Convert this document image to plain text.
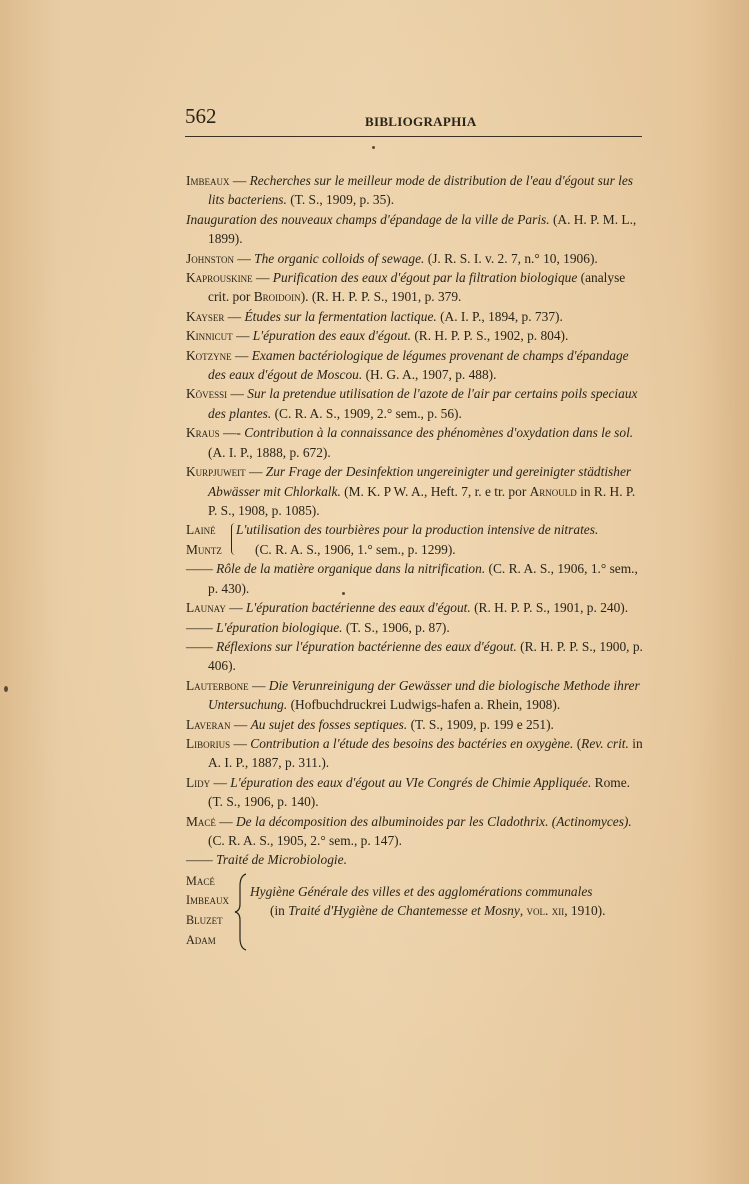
562	BIBLIOGRAPHIA

Imbeaux — Recherches sur le meilleur mode de distribution de l'eau d'égout sur les lits bacteriens. (T. S., 1909, p. 35).

Inauguration des nouveaux champs d'épandage de la ville de Paris. (A. H. P. M. L., 1899).

Johnston — The organic colloids of sewage. (J. R. S. I. v. 2. 7, n.° 10, 1906).

Kaprouskine — Purification des eaux d'égout par la filtration biologique (analyse crit. por Broidoin). (R. H. P. P. S., 1901, p. 379.

Kayser — Études sur la fermentation lactique. (A. I. P., 1894, p. 737).

Kinnicut — L'épuration des eaux d'égout. (R. H. P. P. S., 1902, p. 804).

Kotzyne — Examen bactériologique de légumes provenant de champs d'épandage des eaux d'égout de Moscou. (H. G. A., 1907, p. 488).

Kövessi — Sur la pretendue utilisation de l'azote de l'air par certains poils speciaux des plantes. (C. R. A. S., 1909, 2.° sem., p. 56).

Kraus —- Contribution à la connaissance des phénomènes d'oxydation dans le sol. (A. I. P., 1888, p. 672).

Kurpjuweit — Zur Frage der Desinfektion ungereinigter und gereinigter städtisher Abwässer mit Chlorkalk. (M. K. P W. A., Heft. 7, r. e tr. por Arnould in R. H. P. P. S., 1908, p. 1085).

Lainé
Muntz
L'utilisation des tourbières pour la production intensive de nitrates.
(C. R. A. S., 1906, 1.° sem., p. 1299).

—— Rôle de la matière organique dans la nitrification. (C. R. A. S., 1906, 1.° sem., p. 430).

Launay — L'épuration bactérienne des eaux d'égout. (R. H. P. P. S., 1901, p. 240).

—— L'épuration biologique. (T. S., 1906, p. 87).

—— Réflexions sur l'épuration bactérienne des eaux d'égout. (R. H. P. P. S., 1900, p. 406).

Lauterbone — Die Verunreinigung der Gewässer und die biologische Methode ihrer Untersuchung. (Hofbuchdruckrei Ludwigs-hafen a. Rhein, 1908).

Laveran — Au sujet des fosses septiques. (T. S., 1909, p. 199 e 251).

Liborius — Contribution a l'étude des besoins des bactéries en oxygène. (Rev. crit. in A. I. P., 1887, p. 311.).

Lidy — L'épuration des eaux d'égout au VIe Congrés de Chimie Appliquée. Rome. (T. S., 1906, p. 140).

Macé — De la décomposition des albuminoides par les Cladothrix. (Actinomyces). (C. R. A. S., 1905, 2.° sem., p. 147).

—— Traité de Microbiologie.

Macé
Imbeaux
Bluzet
Adam
Hygiène Générale des villes et des agglomérations communales
(in Traité d'Hygiène de Chantemesse et Mosny, vol. xii, 1910).
